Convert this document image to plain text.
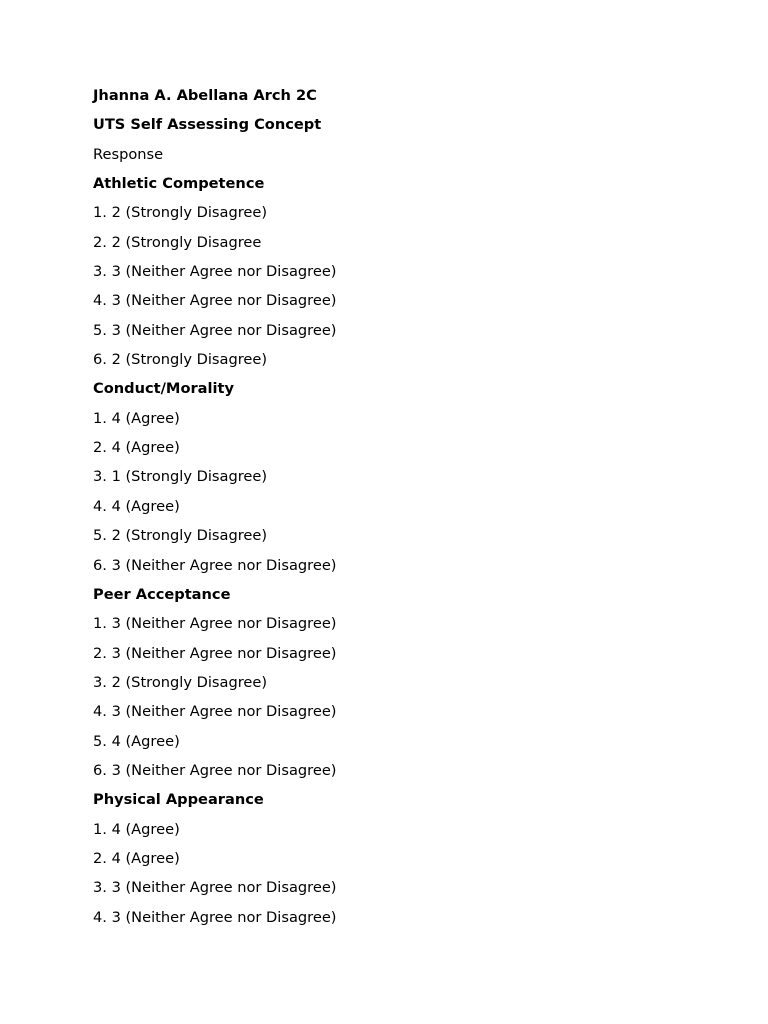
Jhanna A. Abellana Arch 2C
UTS Self Assessing Concept
Response
Athletic Competence
1. 2 (Strongly Disagree)
2. 2 (Strongly Disagree
3. 3 (Neither Agree nor Disagree)
4. 3 (Neither Agree nor Disagree)
5. 3 (Neither Agree nor Disagree)
6. 2 (Strongly Disagree)
Conduct/Morality
1. 4 (Agree)
2. 4 (Agree)
3. 1 (Strongly Disagree)
4. 4 (Agree)
5. 2 (Strongly Disagree)
6. 3 (Neither Agree nor Disagree)
Peer Acceptance
1. 3 (Neither Agree nor Disagree)
2. 3 (Neither Agree nor Disagree)
3. 2 (Strongly Disagree)
4. 3 (Neither Agree nor Disagree)
5. 4 (Agree)
6. 3 (Neither Agree nor Disagree)
Physical Appearance
1. 4 (Agree)
2. 4 (Agree)
3. 3 (Neither Agree nor Disagree)
4. 3 (Neither Agree nor Disagree)
